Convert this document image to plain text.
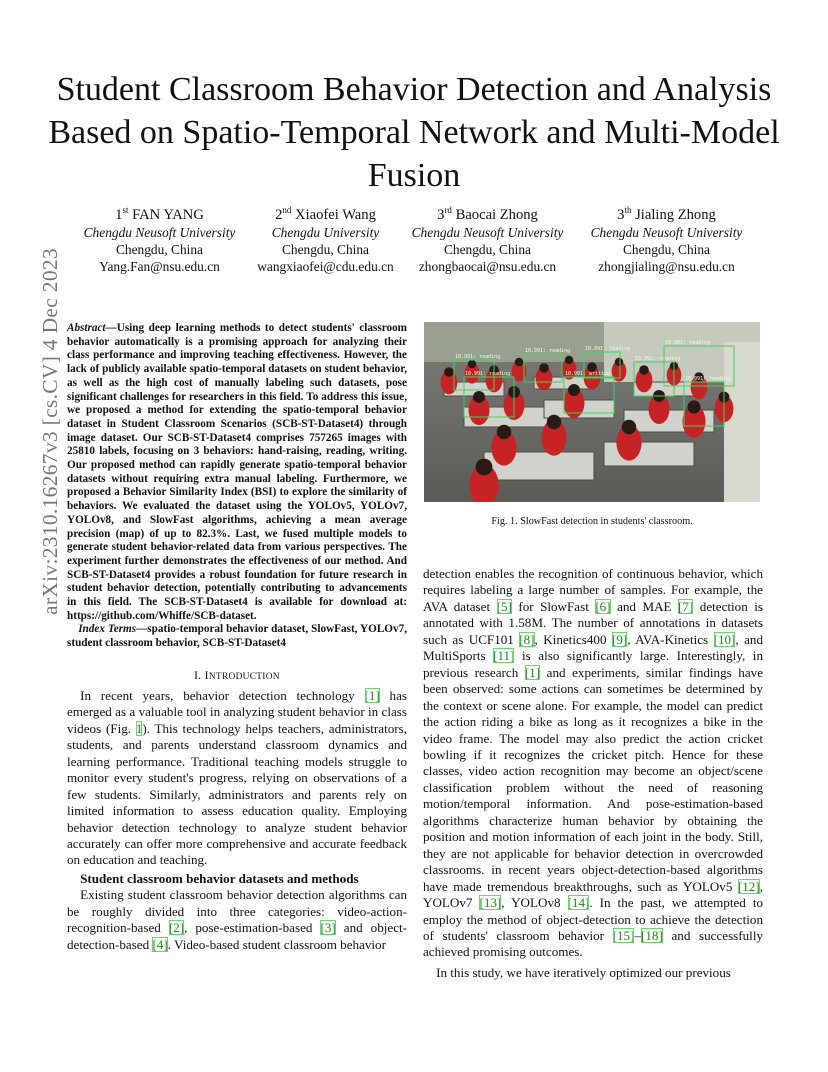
Student Classroom Behavior Detection and Analysis Based on Spatio-Temporal Network and Multi-Model Fusion
arXiv:2310.16267v3 [cs.CV] 4 Dec 2023
1st FAN YANG
Chengdu Neusoft University
Chengdu, China
Yang.Fan@nsu.edu.cn
2nd Xiaofei Wang
Chengdu University
Chengdu, China
wangxiaofei@cdu.edu.cn
3rd Baocai Zhong
Chengdu Neusoft University
Chengdu, China
zhongbaocai@nsu.edu.cn
3th Jialing Zhong
Chengdu Neusoft University
Chengdu, China
zhongjialing@nsu.edu.cn
Abstract—Using deep learning methods to detect students' classroom behavior automatically is a promising approach for analyzing their class performance and improving teaching effectiveness. However, the lack of publicly available spatio-temporal datasets on student behavior, as well as the high cost of manually labeling such datasets, pose significant challenges for researchers in this field. To address this issue, we proposed a method for extending the spatio-temporal behavior dataset in Student Classroom Scenarios (SCB-ST-Dataset4) through image dataset. Our SCB-ST-Dataset4 comprises 757265 images with 25810 labels, focusing on 3 behaviors: hand-raising, reading, writing. Our proposed method can rapidly generate spatio-temporal behavior datasets without requiring extra manual labeling. Furthermore, we proposed a Behavior Similarity Index (BSI) to explore the similarity of behaviors. We evaluated the dataset using the YOLOv5, YOLOv7, YOLOv8, and SlowFast algorithms, achieving a mean average precision (map) of up to 82.3%. Last, we fused multiple models to generate student behavior-related data from various perspectives. The experiment further demonstrates the effectiveness of our method. And SCB-ST-Dataset4 provides a robust foundation for future research in student behavior detection, potentially contributing to advancements in this field. The SCB-ST-Dataset4 is available for download at: https://github.com/Whiffe/SCB-dataset.
Index Terms—spatio-temporal behavior dataset, SlowFast, YOLOv7, student classroom behavior, SCB-ST-Dataset4
I. INTRODUCTION

In recent years, behavior detection technology [1] has emerged as a valuable tool in analyzing student behavior in class videos (Fig. 1). This technology helps teachers, administrators, students, and parents understand classroom dynamics and learning performance. Traditional teaching models struggle to monitor every student's progress, relying on observations of a few students. Similarly, administrators and parents rely on limited information to assess education quality. Employing behavior detection technology to analyze student behavior accurately can offer more comprehensive and accurate feedback on education and teaching.

Student classroom behavior datasets and methods

Existing student classroom behavior detection algorithms can be roughly divided into three categories: video-action-recognition-based [2], pose-estimation-based [3] and object-detection-based [4]. Video-based student classroom behavior

10.991: reading
10.991: reading	10.991: reading
10.991: reading
10.991: reading
10.991: reading	10.991: writing
10.991: reading
Fig. 1. SlowFast detection in students' classroom.

detection enables the recognition of continuous behavior, which requires labeling a large number of samples. For example, the AVA dataset [5] for SlowFast [6] and MAE [7] detection is annotated with 1.58M. The number of annotations in datasets such as UCF101 [8], Kinetics400 [9], AVA-Kinetics [10], and MultiSports [11] is also significantly large. Interestingly, in previous research [1] and experiments, similar findings have been observed: some actions can sometimes be determined by the context or scene alone. For example, the model can predict the action riding a bike as long as it recognizes a bike in the video frame. The model may also predict the action cricket bowling if it recognizes the cricket pitch. Hence for these classes, video action recognition may become an object/scene classification problem without the need of reasoning motion/temporal information. And pose-estimation-based algorithms characterize human behavior by obtaining the position and motion information of each joint in the body. Still, they are not applicable for behavior detection in overcrowded classrooms. in recent years object-detection-based algorithms have made tremendous breakthroughs, such as YOLOv5 [12], YOLOv7 [13], YOLOv8 [14]. In the past, we attempted to employ the method of object-detection to achieve the detection of students' classroom behavior [15]–[18] and successfully achieved promising outcomes.

In this study, we have iteratively optimized our previous
